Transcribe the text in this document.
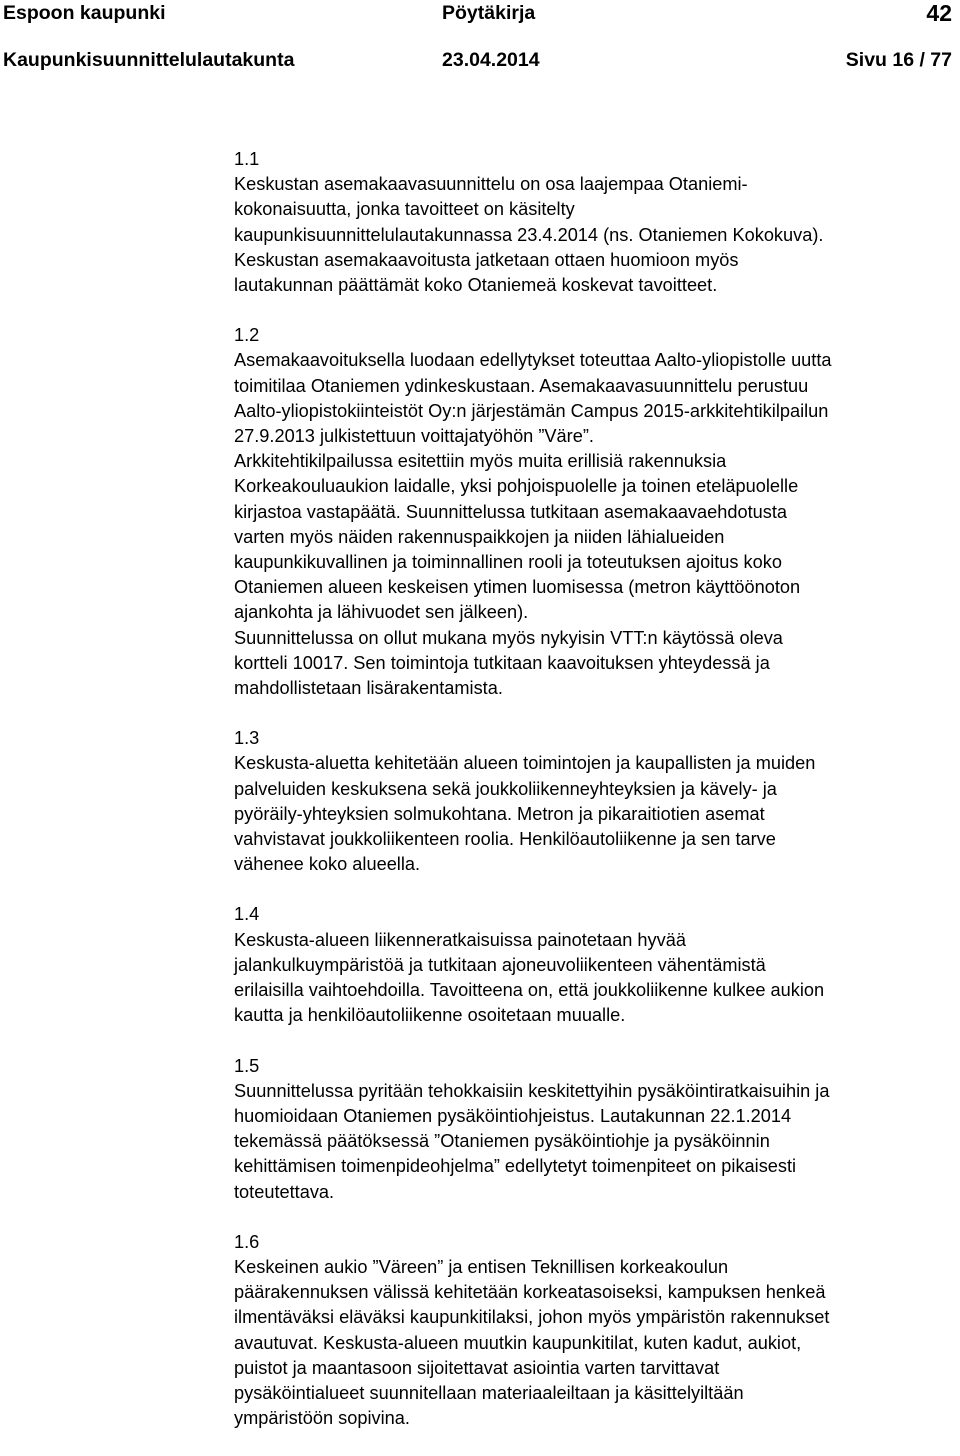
Espoon kaupunki	Pöytäkirja	42
Kaupunkisuunnittelulautakunta	23.04.2014	Sivu 16 / 77

1.1

Keskustan asemakaavasuunnittelu on osa laajempaa Otaniemi-
kokonaisuutta, jonka tavoitteet on käsitelty
kaupunkisuunnittelulautakunnassa 23.4.2014 (ns. Otaniemen Kokokuva).
Keskustan asemakaavoitusta jatketaan ottaen huomioon myös
lautakunnan päättämät koko Otaniemeä koskevat tavoitteet.

1.2

Asemakaavoituksella luodaan edellytykset toteuttaa Aalto-yliopistolle uutta
toimitilaa Otaniemen ydinkeskustaan. Asemakaavasuunnittelu perustuu
Aalto-yliopistokiinteistöt Oy:n järjestämän Campus 2015-arkkitehtikilpailun
27.9.2013 julkistettuun voittajatyöhön ”Väre”.
Arkkitehtikilpailussa esitettiin myös muita erillisiä rakennuksia
Korkeakouluaukion laidalle, yksi pohjoispuolelle ja toinen eteläpuolelle
kirjastoa vastapäätä. Suunnittelussa tutkitaan asemakaavaehdotusta
varten myös näiden rakennuspaikkojen ja niiden lähialueiden
kaupunkikuvallinen ja toiminnallinen rooli ja toteutuksen ajoitus koko
Otaniemen alueen keskeisen ytimen luomisessa (metron käyttöönoton
ajankohta ja lähivuodet sen jälkeen).
Suunnittelussa on ollut mukana myös nykyisin VTT:n käytössä oleva
kortteli 10017. Sen toimintoja tutkitaan kaavoituksen yhteydessä ja
mahdollistetaan lisärakentamista.

1.3

Keskusta-aluetta kehitetään alueen toimintojen ja kaupallisten ja muiden
palveluiden keskuksena sekä joukkoliikenneyhteyksien ja kävely- ja
pyöräily-yhteyksien solmukohtana. Metron ja pikaraitiotien asemat
vahvistavat joukkoliikenteen roolia. Henkilöautoliikenne ja sen tarve
vähenee koko alueella.

1.4

Keskusta-alueen liikenneratkaisuissa painotetaan hyvää
jalankulkuympäristöä ja tutkitaan ajoneuvoliikenteen vähentämistä
erilaisilla vaihtoehdoilla. Tavoitteena on, että joukkoliikenne kulkee aukion
kautta ja henkilöautoliikenne osoitetaan muualle.

1.5

Suunnittelussa pyritään tehokkaisiin keskitettyihin pysäköintiratkaisuihin ja
huomioidaan Otaniemen pysäköintiohjeistus. Lautakunnan 22.1.2014
tekemässä päätöksessä ”Otaniemen pysäköintiohje ja pysäköinnin
kehittämisen toimenpideohjelma” edellytetyt toimenpiteet on pikaisesti
toteutettava.

1.6

Keskeinen aukio ”Väreen” ja entisen Teknillisen korkeakoulun
päärakennuksen välissä kehitetään korkeatasoiseksi, kampuksen henkeä
ilmentäväksi eläväksi kaupunkitilaksi, johon myös ympäristön rakennukset
avautuvat. Keskusta-alueen muutkin kaupunkitilat, kuten kadut, aukiot,
puistot ja maantasoon sijoitettavat asiointia varten tarvittavat
pysäköintialueet suunnitellaan materiaaleiltaan ja käsittelyiltään
ympäristöön sopivina.
